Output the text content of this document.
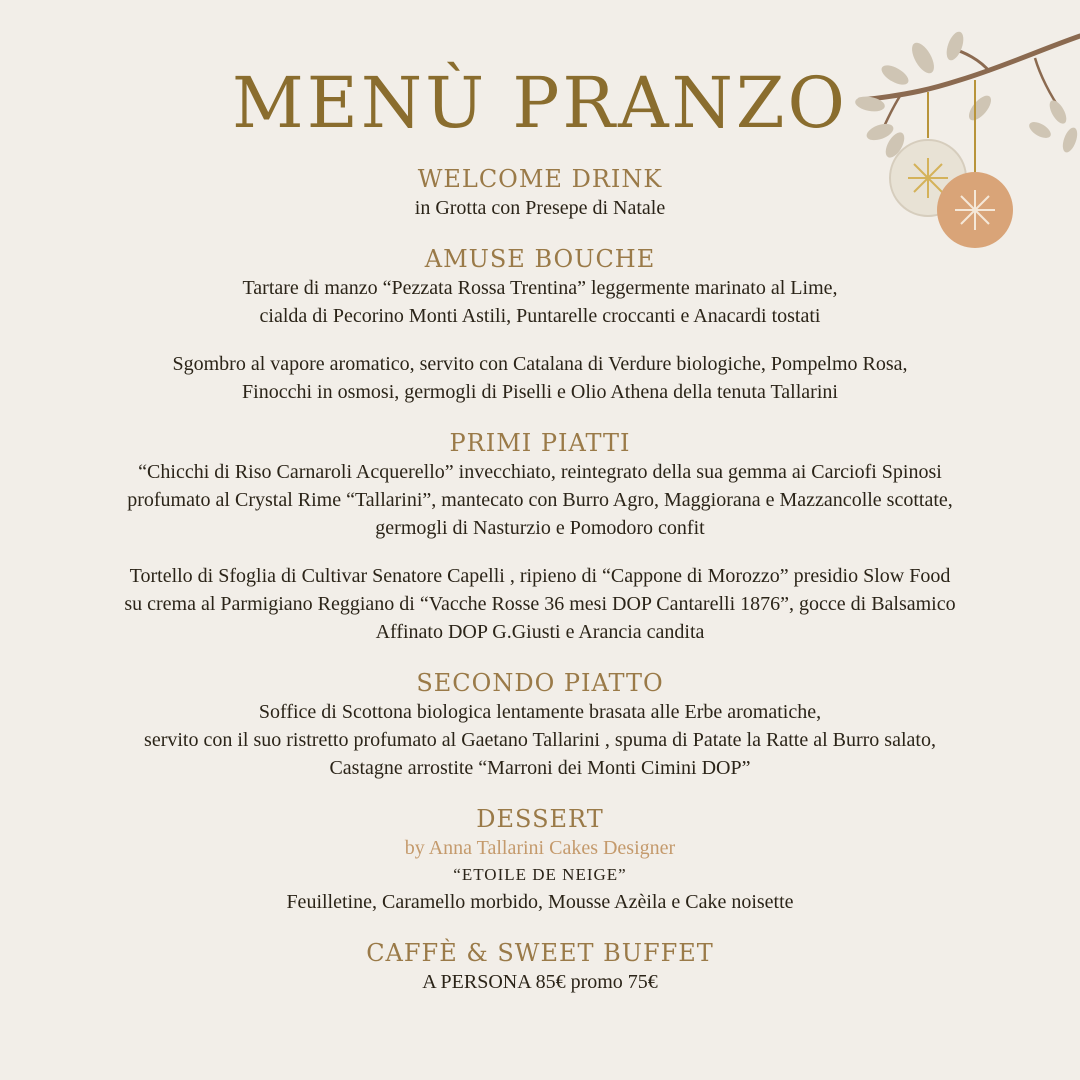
MENÙ PRANZO

WELCOME DRINK

in Grotta con Presepe di Natale

AMUSE BOUCHE

Tartare di manzo “Pezzata Rossa Trentina” leggermente marinato al Lime,

cialda di Pecorino Monti Astili, Puntarelle croccanti e Anacardi tostati

Sgombro al vapore aromatico, servito con Catalana di Verdure biologiche, Pompelmo Rosa,

Finocchi in osmosi, germogli di Piselli e Olio Athena della tenuta Tallarini

PRIMI PIATTI

“Chicchi di Riso Carnaroli Acquerello” invecchiato, reintegrato della sua gemma ai Carciofi Spinosi

profumato al Crystal Rime “Tallarini”, mantecato con Burro Agro, Maggiorana e Mazzancolle scottate,

germogli di Nasturzio e Pomodoro confit

Tortello di Sfoglia di Cultivar Senatore Capelli , ripieno di “Cappone di Morozzo” presidio Slow Food

su crema al Parmigiano Reggiano di “Vacche Rosse 36 mesi DOP Cantarelli 1876”, gocce di Balsamico

Affinato DOP G.Giusti e Arancia candita

SECONDO PIATTO

Soffice di Scottona biologica lentamente brasata alle Erbe aromatiche,

servito con il suo ristretto profumato al Gaetano Tallarini , spuma di Patate la Ratte al Burro salato,

Castagne arrostite “Marroni dei Monti Cimini DOP”

DESSERT

by Anna Tallarini Cakes Designer

“ETOILE DE NEIGE”

Feuilletine, Caramello morbido, Mousse Azèila e Cake noisette

CAFFÈ & SWEET BUFFET

A PERSONA 85€ promo 75€
